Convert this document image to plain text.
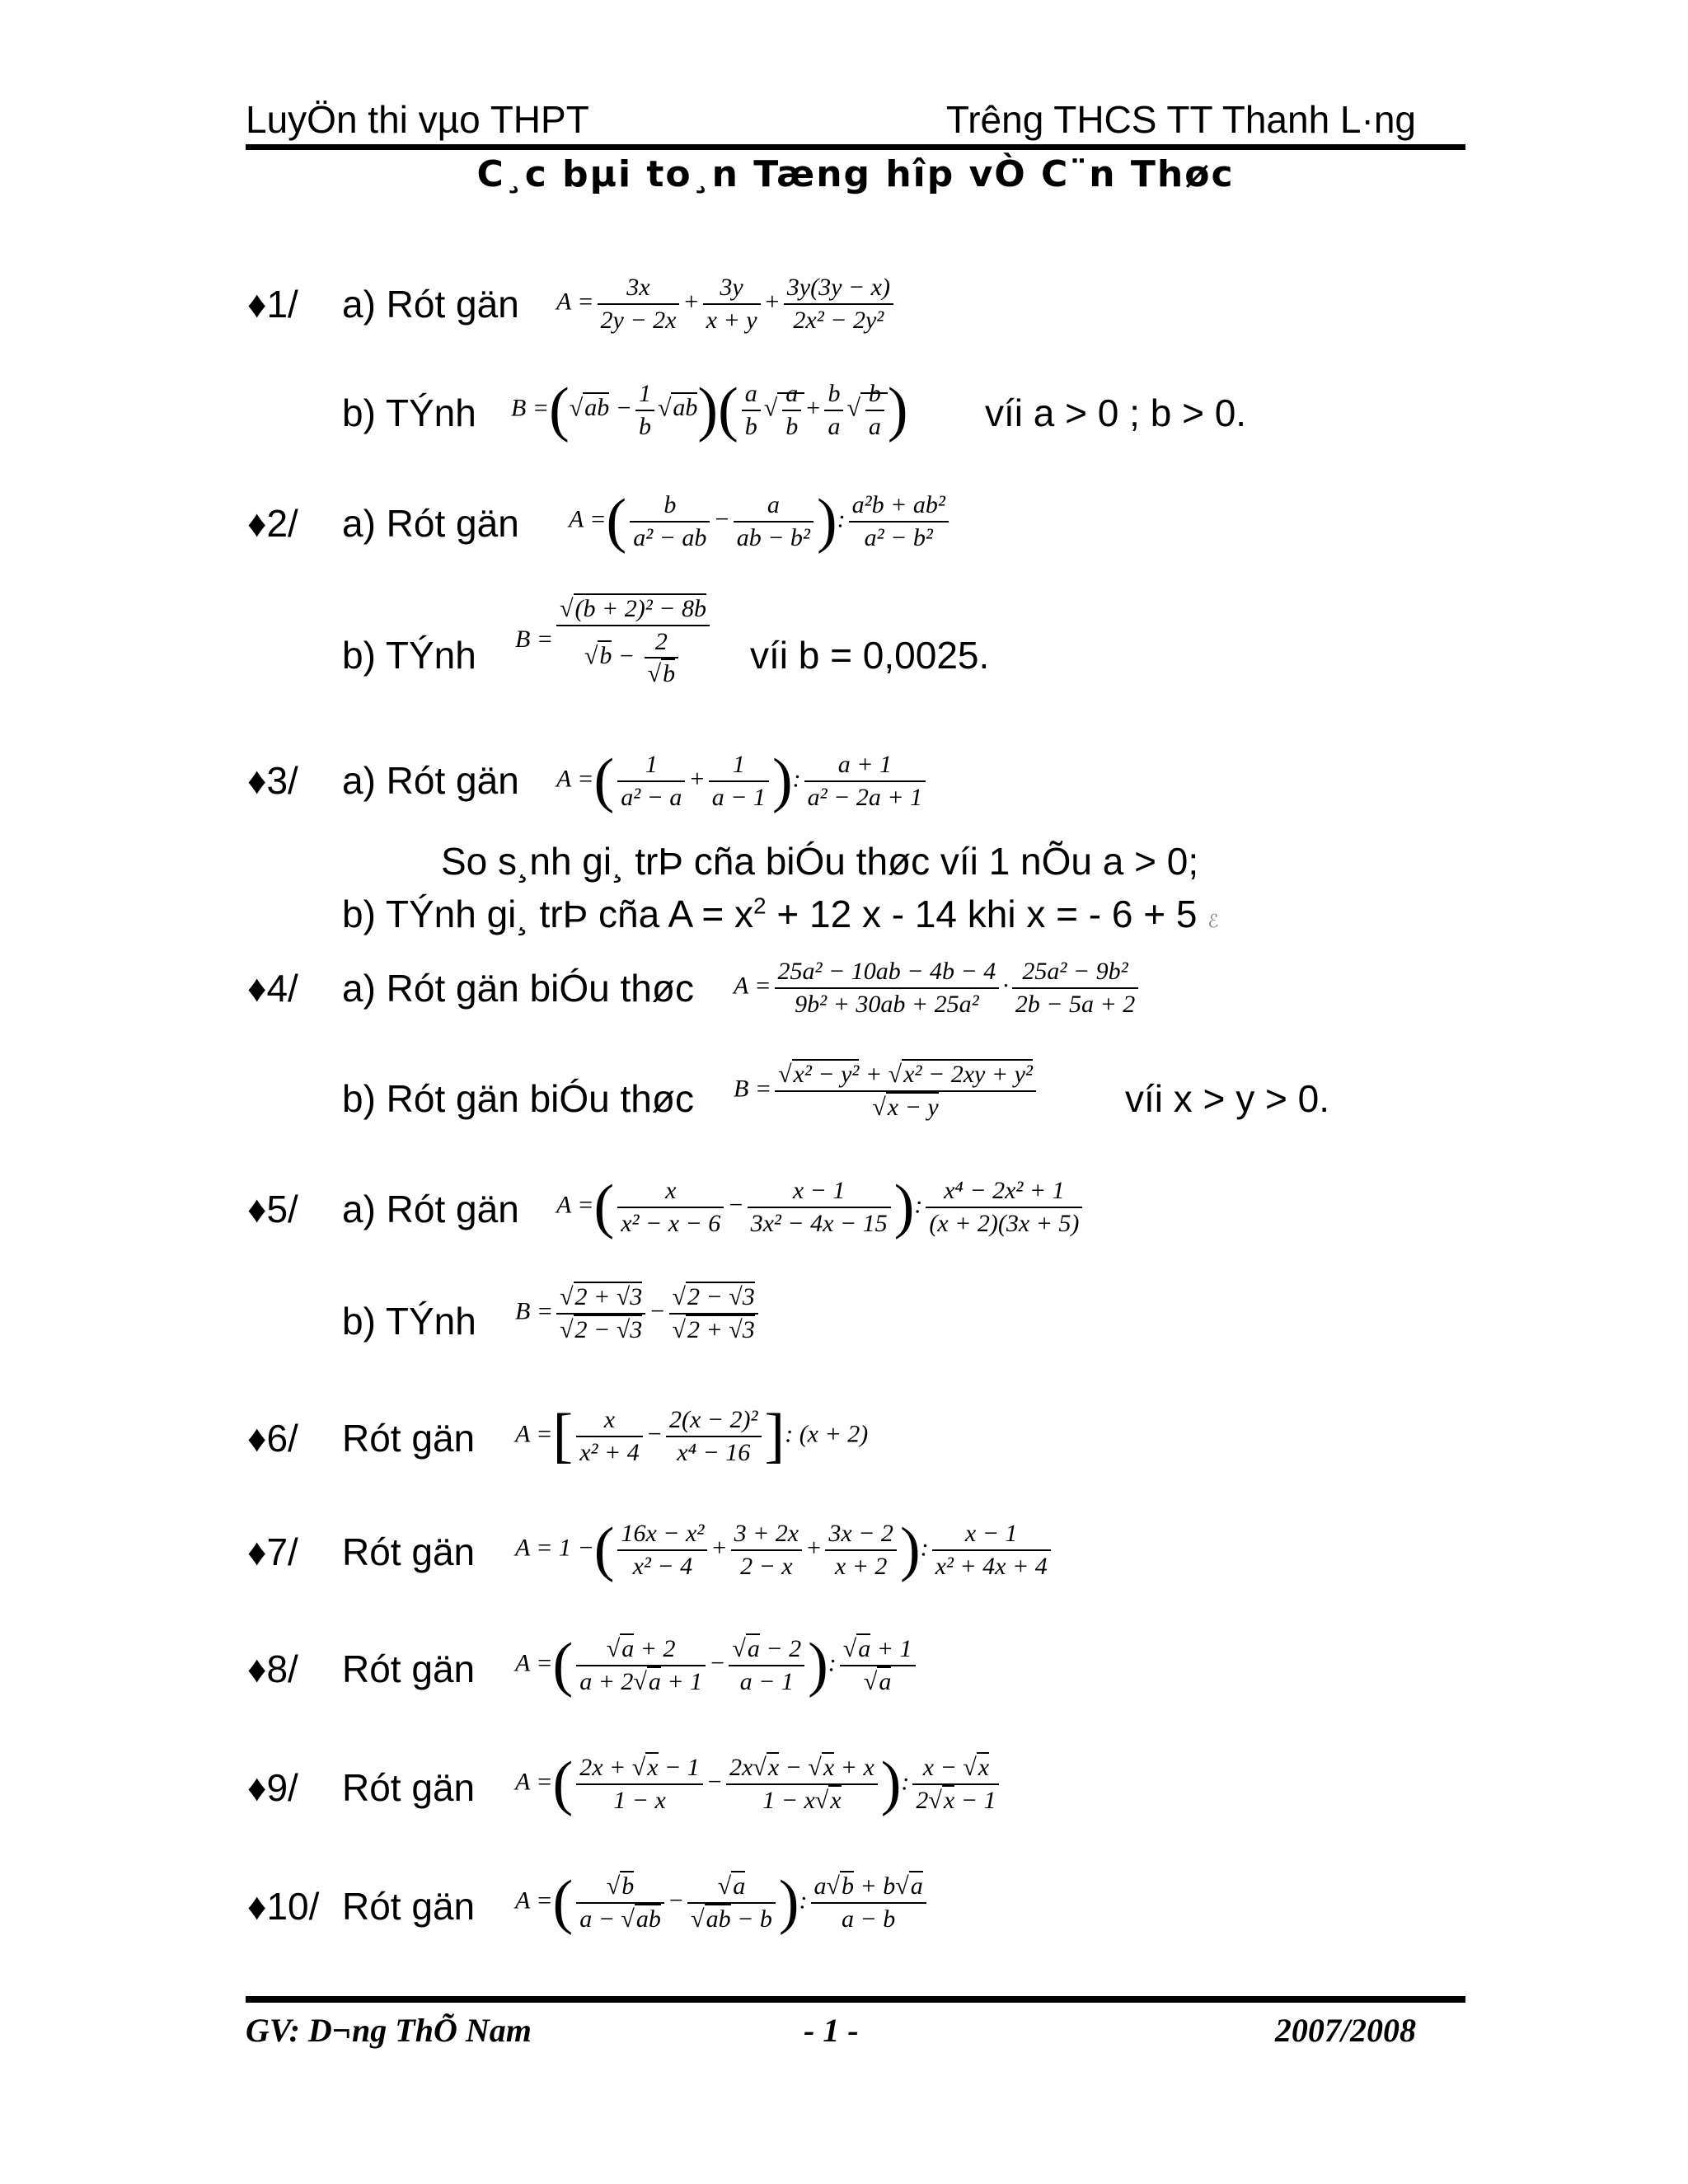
LuyÖn thi vµo THPT	Trêng THCS TT Thanh L·ng
C¸c bµi to¸n Tæng hîp vÒ C¨n Thøc
♦1/ a) Rót gän $A = \frac{3x}{2y - 2x} + \frac{3y}{x + y} + \frac{3y(3y - x)}{\text{2x² − 2y²}}$
b) TÝnh $B =(√ab - \frac{1}{b} √ab)( \frac{a}{b}$ √ $\frac{a}{b} + \frac{b}{a}$ √ $\frac{b}{a}$ ) víi a > 0 ; b > 0.
♦2/ a) Rót gän A =( $\frac{b}{\text{a² − ab}} - \frac{a}{\text{ab − b²}}$ ): $\frac{\text{a²b + ab²}}{\text{a² − b²}}$
b) TÝnh $B = \frac{\text{√(b + 2)² − 8b}}{√b - \frac{2}{√b}}$ víi b = 0,0025.
♦3/ a) Rót gän A =( $\frac{1}{\text{a² − a}} + \frac{1}{a - 1}$ ): $\frac{a + 1}{\text{a² − 2a + 1}}$
So s¸nh gi¸ trÞ cña biÓu thøc víi 1 nÕu a > 0;
b) TÝnh gi¸ trÞ cña $A = x^2 + 12$ x - 14 khi x = - 6 + 5 ℰ
♦4/ a) Rót gän biÓu thøc $A = \frac{\text{25a² − 10ab − 4b − 4}}{\text{9b² + 30ab + 25a²}} \cdot \frac{\text{25a² − 9b²}}{2b - 5a + 2}$
b) Rót gän biÓu thøc $B = \frac{\text{√x² − y² + √x² − 2xy + y²}}{√x - y}$ víi x > y > 0.
♦5/ a) Rót gän A =( $\frac{x}{\text{x² − x − 6}} - \frac{x - 1}{\text{3x² − 4x − 15}}$ ): $\frac{\text{x⁴ − 2x² + 1}}{(x + 2)(3x + 5)}$
b) TÝnh $B = \frac{√2 + √3}{√2 - √3} - \frac{√2 - √3}{√2 + √3}$
♦6/ Rót gän A =[ $\frac{x}{\text{x² + 4}} - \frac{\text{2(x − 2)²}}{\text{x⁴ − 16}}$ ]: (x + 2)
♦7/ Rót gän A = 1 −( $\frac{\text{16x − x²}}{\text{x² − 4}} + \frac{3 + 2x}{2 - x} + \frac{3x - 2}{x + 2}$ ): $\frac{x - 1}{\text{x² + 4x + 4}}$
♦8/ Rót gän A =( $\frac{√a + 2}{a + 2√a + 1} - \frac{√a - 2}{a - 1}$ ): $\frac{√a + 1}{√a}$
♦9/ Rót gän A =( $\frac{2x + √x - 1}{1 - x} - \frac{2x√x - √x + x}{1 - x√x}$ ): $\frac{x - √x}{2√x - 1}$
♦10/ Rót gän A =( $\frac{√b}{a - √ab} - \frac{√a}{√ab - b}$ ): $\frac{a√b + b√a}{a - b}$
GV: D¬ng ThÕ Nam	- 1 -	2007/2008
